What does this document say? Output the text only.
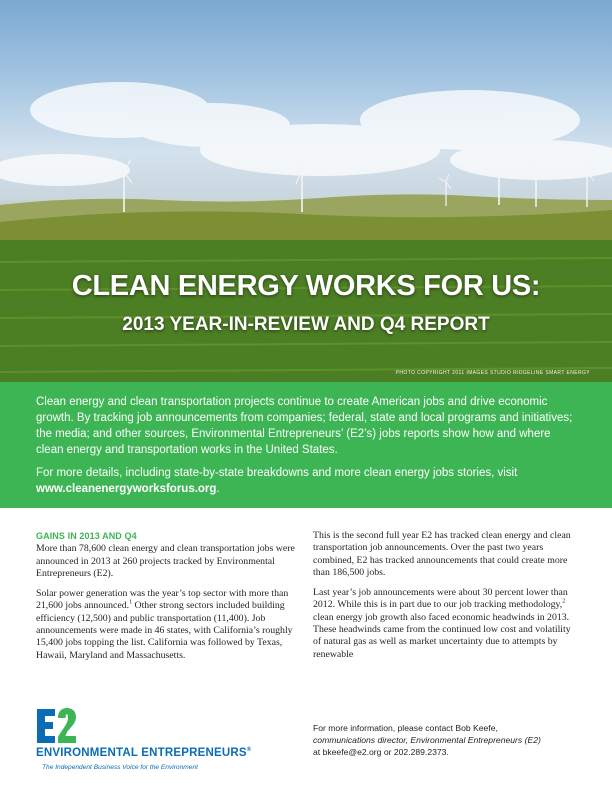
CLEAN ENERGY WORKS FOR US:
2013 YEAR-IN-REVIEW AND Q4 REPORT

PHOTO COPYRIGHT 2011 IMAGES STUDIO RIDGELINE SMART ENERGY

Clean energy and clean transportation projects continue to create American jobs and drive economic growth. By tracking job announcements from companies; federal, state and local programs and initiatives; the media; and other sources, Environmental Entrepreneurs’ (E2’s) jobs reports show how and where clean energy and transportation works in the United States.

For more details, including state-by-state breakdowns and more clean energy jobs stories, visit www.cleanenergyworksforus.org.

GAINS IN 2013 AND Q4

More than 78,600 clean energy and clean transportation jobs were announced in 2013 at 260 projects tracked by Environmental Entrepreneurs (E2).

Solar power generation was the year’s top sector with more than 21,600 jobs announced.$^1$ Other strong sectors included building efficiency (12,500) and public transportation (11,400). Job announcements were made in 46 states, with California’s roughly 15,400 jobs topping the list. California was followed by Texas, Hawaii, Maryland and Massachusetts.

This is the second full year E2 has tracked clean energy and clean transportation job announcements. Over the past two years combined, E2 has tracked announcements that could create more than 186,500 jobs.

Last year’s job announcements were about 30 percent lower than 2012. While this is in part due to our job tracking methodology,$^2$ clean energy job growth also faced economic headwinds in 2013. These headwinds came from the continued low cost and volatility of natural gas as well as market uncertainty due to attempts by renewable

ENVIRONMENTAL ENTREPRENEURS®

The Independent Business Voice for the Environment

For more information, please contact Bob Keefe,

communications director, Environmental Entrepreneurs (E2)

at bkeefe@e2.org or 202.289.2373.
